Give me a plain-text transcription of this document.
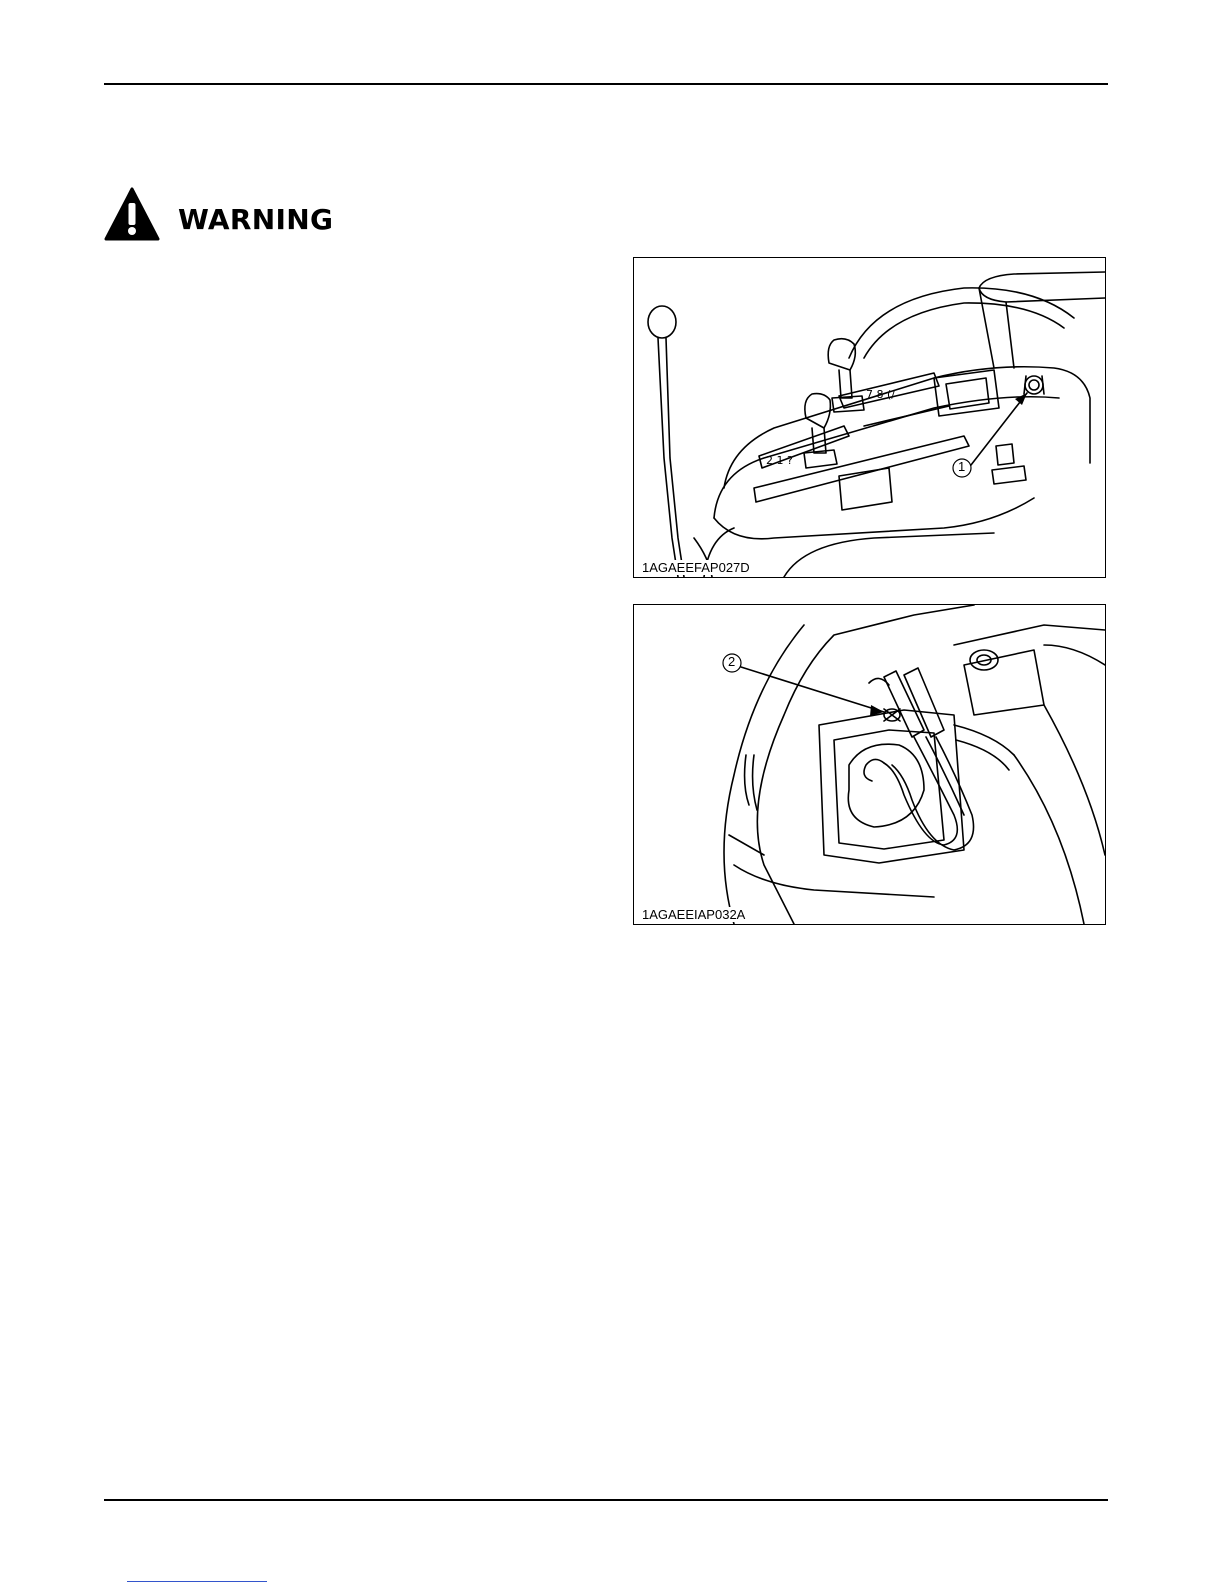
WARNING
2 1 ?
7 8 (/
1
1AGAEEFAP027D
2
1AGAEEIAP032A
